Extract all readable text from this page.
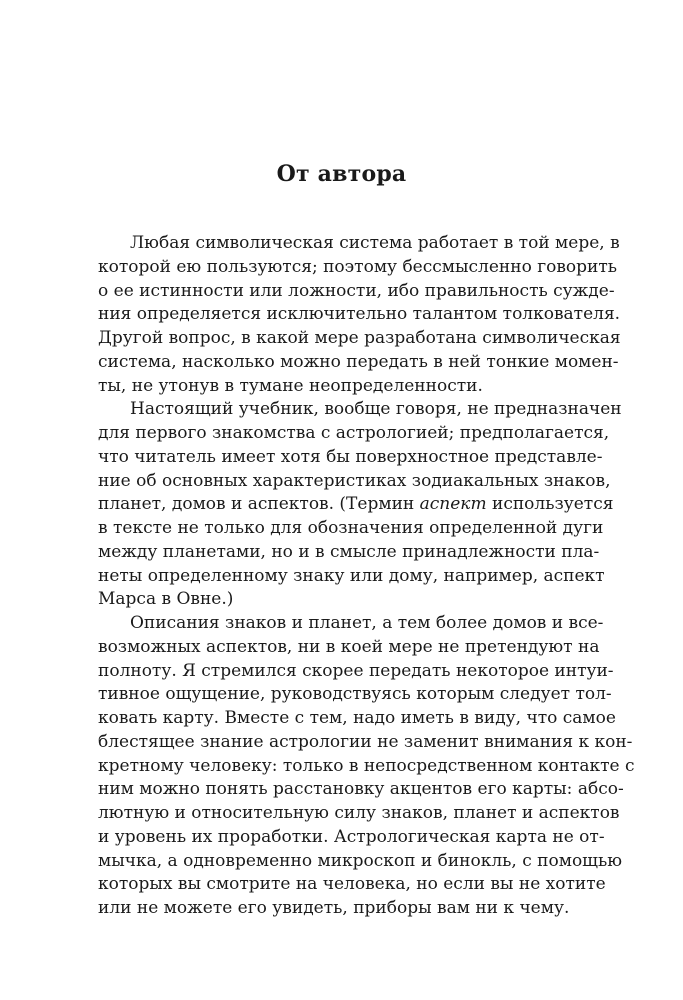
От автора
Любая символическая система работает в той мере, в
которой ею пользуются; поэтому бессмысленно говорить
о ее истинности или ложности, ибо правильность сужде-
ния определяется исключительно талантом толкователя.
Другой вопрос, в какой мере разработана символическая
система, насколько можно передать в ней тонкие момен-
ты, не утонув в тумане неопределенности.
Настоящий учебник, вообще говоря, не предназначен
для первого знакомства с астрологией; предполагается,
что читатель имеет хотя бы поверхностное представле-
ние об основных характеристиках зодиакальных знаков,
планет, домов и аспектов. (Термин аспект используется
в тексте не только для обозначения определенной дуги
между планетами, но и в смысле принадлежности пла-
неты определенному знаку или дому, например, аспект
Марса в Овне.)
Описания знаков и планет, а тем более домов и все-
возможных аспектов, ни в коей мере не претендуют на
полноту. Я стремился скорее передать некоторое интуи-
тивное ощущение, руководствуясь которым следует тол-
ковать карту. Вместе с тем, надо иметь в виду, что самое
блестящее знание астрологии не заменит внимания к кон-
кретному человеку: только в непосредственном контакте с
ним можно понять расстановку акцентов его карты: абсо-
лютную и относительную силу знаков, планет и аспектов
и уровень их проработки. Астрологическая карта не от-
мычка, а одновременно микроскоп и бинокль, с помощью
которых вы смотрите на человека, но если вы не хотите
или не можете его увидеть, приборы вам ни к чему.
